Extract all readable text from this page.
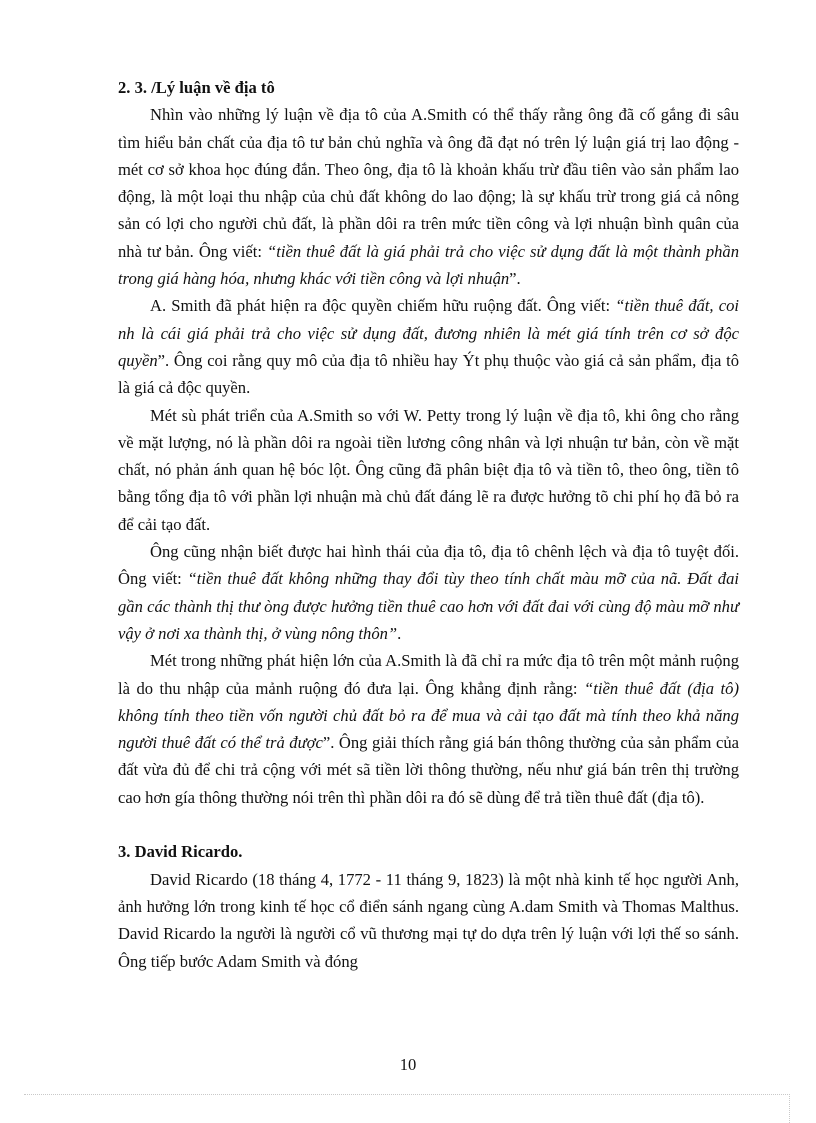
2. 3. /Lý luận về địa tô

Nhìn vào những lý luận về địa tô của A.Smith có thể thấy rằng ông đã cố gắng đi sâu tìm hiểu bản chất của địa tô tư bản chủ nghĩa và ông đã đạt nó trên lý luận giá trị lao động - mét cơ sở khoa học đúng đắn. Theo ông, địa tô là khoản khấu trừ đầu tiên vào sản phẩm lao động, là một loại thu nhập của chủ đất không do lao động; là sự khấu trừ trong giá cả nông sản có lợi cho người chủ đất, là phần dôi ra trên mức tiền công và lợi nhuận bình quân của nhà tư bản. Ông viết: “tiền thuê đất là giá phải trả cho việc sử dụng đất là một thành phần trong giá hàng hóa, nhưng khác với tiền công và lợi nhuận”.

A. Smith đã phát hiện ra độc quyền chiếm hữu ruộng đất. Ông viết: “tiền thuê đất, coi nh là cái giá phải trả cho việc sử dụng đất, đương nhiên là mét giá tính trên cơ sở độc quyền”. Ông coi rằng quy mô của địa tô nhiều hay Ýt phụ thuộc vào giá cả sản phẩm, địa tô là giá cả độc quyền.

Mét sù phát triển của A.Smith so với W. Petty trong lý luận về địa tô, khi ông cho rằng về mặt lượng, nó là phần dôi ra ngoài tiền lương công nhân và lợi nhuận tư bản, còn về mặt chất, nó phản ánh quan hệ bóc lột. Ông cũng đã phân biệt địa tô và tiền tô, theo ông, tiền tô bằng tổng địa tô với phần lợi nhuận mà chủ đất đáng lẽ ra được hưởng tõ chi phí họ đã bỏ ra để cải tạo đất.

Ông cũng nhận biết được hai hình thái của địa tô, địa tô chênh lệch và địa tô tuyệt đối. Ông viết: “tiền thuê đất không những thay đổi tùy theo tính chất màu mỡ của nã. Đất đai gần các thành thị thư òng được hưởng tiền thuê cao hơn với đất đai với cùng độ màu mỡ như vậy ở nơi xa thành thị, ở vùng nông thôn”.

Mét trong những phát hiện lớn của A.Smith là đã chỉ ra mức địa tô trên một mảnh ruộng là do thu nhập của mảnh ruộng đó đưa lại. Ông khẳng định rằng: “tiền thuê đất (địa tô) không tính theo tiền vốn người chủ đất bỏ ra để mua và cải tạo đất mà tính theo khả năng người thuê đất có thể trả được”. Ông giải thích rằng giá bán thông thường của sản phẩm của đất vừa đủ để chi trả cộng với mét sã tiền lời thông thường, nếu như giá bán trên thị trường cao hơn gía thông thường nói trên thì phần dôi ra đó sẽ dùng để trả tiền thuê đất (địa tô).

3. David Ricardo.

David Ricardo (18 tháng 4, 1772 - 11 tháng 9, 1823) là một nhà kinh tế học người Anh, ảnh hưởng lớn trong kinh tế học cổ điển sánh ngang cùng A.dam Smith và Thomas Malthus. David Ricardo la người là người cổ vũ thương mại tự do dựa trên lý luận với lợi thế so sánh. Ông tiếp bước Adam Smith và đóng

10
